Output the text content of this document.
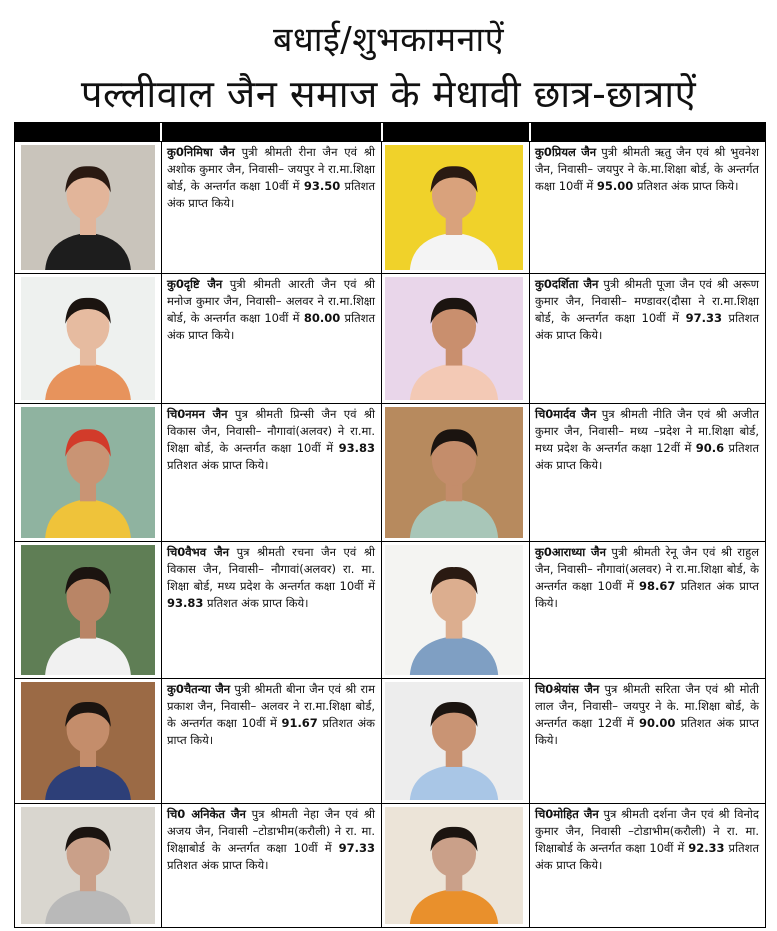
बधाई/शुभकामनाऐं
पल्लीवाल जैन समाज के मेधावी छात्र-छात्राऐं
कु0निमिषा जैन पुत्री श्रीमती रीना जैन एवं श्री अशोक कुमार जैन, निवासी– जयपुर ने रा.मा.शिक्षा बोर्ड, के अन्तर्गत कक्षा 10वीं में 93.50 प्रतिशत अंक प्राप्त किये।
कु0प्रियल जैन पुत्री श्रीमती ऋतु जैन एवं श्री भुवनेश जैन, निवासी– जयपुर ने के.मा.शिक्षा बोर्ड, के अन्तर्गत कक्षा 10वीं में 95.00 प्रतिशत अंक प्राप्त किये।
कु0दृष्टि जैन पुत्री श्रीमती आरती जैन एवं श्री मनोज कुमार जैन, निवासी– अलवर ने रा.मा.शिक्षा बोर्ड, के अन्तर्गत कक्षा 10वीं में 80.00 प्रतिशत अंक प्राप्त किये।
कु0दर्शिता जैन पुत्री श्रीमती पूजा जैन एवं श्री अरूण कुमार जैन, निवासी– मण्डावर(दौसा ने रा.मा.शिक्षा बोर्ड, के अन्तर्गत कक्षा 10वीं में 97.33 प्रतिशत अंक प्राप्त किये।
चि0नमन जैन पुत्र श्रीमती प्रिन्सी जैन एवं श्री विकास जैन, निवासी– नौगावां(अलवर) ने रा.मा. शिक्षा बोर्ड, के अन्तर्गत कक्षा 10वीं में 93.83 प्रतिशत अंक प्राप्त किये।
चि0मार्दव जैन पुत्र श्रीमती नीति जैन एवं श्री अजीत कुमार जैन, निवासी– मध्य –प्रदेश ने मा.शिक्षा बोर्ड, मध्य प्रदेश के अन्तर्गत कक्षा 12वीं में 90.6 प्रतिशत अंक प्राप्त किये।
चि0वैभव जैन पुत्र श्रीमती रचना जैन एवं श्री विकास जैन, निवासी– नौगावां(अलवर) रा. मा. शिक्षा बोर्ड, मध्य प्रदेश के अन्तर्गत कक्षा 10वीं में 93.83 प्रतिशत अंक प्राप्त किये।
कु0आराध्या जैन पुत्री श्रीमती रेनू जैन एवं श्री राहुल जैन, निवासी– नौगावां(अलवर) ने रा.मा.शिक्षा बोर्ड, के अन्तर्गत कक्षा 10वीं में 98.67 प्रतिशत अंक प्राप्त किये।
कु0चैतन्या जैन पुत्री श्रीमती बीना जैन एवं श्री राम प्रकाश जैन, निवासी– अलवर ने रा.मा.शिक्षा बोर्ड, के अन्तर्गत कक्षा 10वीं में 91.67 प्रतिशत अंक प्राप्त किये।
चि0श्रेयांस जैन पुत्र श्रीमती सरिता जैन एवं श्री मोती लाल जैन, निवासी– जयपुर ने के. मा.शिक्षा बोर्ड, के अन्तर्गत कक्षा 12वीं में 90.00 प्रतिशत अंक प्राप्त किये।
चि0 अनिकेत जैन पुत्र श्रीमती नेहा जैन एवं श्री अजय जैन, निवासी –टोडाभीम(करौली) ने रा. मा. शिक्षाबोर्ड के अन्तर्गत कक्षा 10वीं में 97.33 प्रतिशत अंक प्राप्त किये।
चि0मोहित जैन पुत्र श्रीमती दर्शना जैन एवं श्री विनोद कुमार जैन, निवासी –टोडाभीम(करौली) ने रा. मा. शिक्षाबोर्ड के अन्तर्गत कक्षा 10वीं में 92.33 प्रतिशत अंक प्राप्त किये।
